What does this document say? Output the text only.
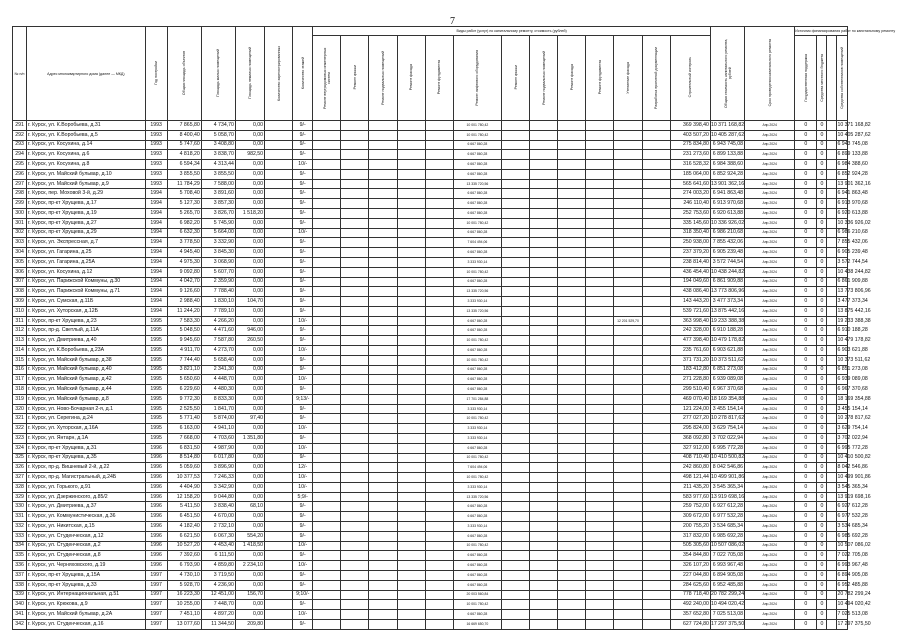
7
№ п/п	Адрес многоквартирного дома (далее — МКД)	Год постройки	Общая площадь объектов	Площадь жилых помещений	Площадь нежилых помещений	Количество зарегистрированных	Количество этажей	Виды работ (услуг) по капитальному ремонту, стоимость (рублей)													Общая стоимость капитального ремонта, рублей	Срок проведения капитального ремонта	Источник финансирования работ по капитальному ремонту		
								Ремонт внутридомовых инженерных систем	Ремонт крыши	Ремонт подвальных помещений	Ремонт фасада	Ремонт фундамента	Ремонт лифтового оборудования	Ремонт крыши	Ремонт подвальных помещений	Ремонт фасада	Ремонт фундамента	Утепление фасада	Разработка проектной документации	Строительный контроль			Государственная поддержка	Средства местного бюджета		Средства собственников помещений
291	г. Курск, ул. К.Воробьева, д.31	1993	7 865,80	4 734,70	0,00		9/-						10 001 780,42							369 398,40	10 371 168,82	Апр.2024	0	0		10 371 168,82
292	г. Курск, ул. К.Воробьева, д.5	1993	8 400,40	5 058,70	0,00		9/-						10 001 780,42							403 507,20	10 405 287,62	Апр.2024	0	0		10 405 287,62
293	г. Курск, ул. Косухина, д.14	1993	5 747,60	3 408,80	0,00		9/-						6 667 860,28							275 834,80	6 943 745,08	Апр.2024	0	0		6 943 745,08
294	г. Курск, ул. Косухина, д.6	1993	4 818,20	3 838,70	982,50		9/-						6 667 860,28							231 273,60	6 899 133,88	Апр.2024	0	0		6 899 133,88
295	г. Курск, ул. Косухина, д.8	1993	6 594,34	4 313,44	0,00		10/-						6 667 860,28							316 528,32	6 984 388,60	Апр.2024	0	0		6 984 388,60
296	г. Курск, ул. Майский бульвар, д.10	1993	3 855,50	3 855,50	0,00		9/-						6 667 860,28							185 064,00	6 852 924,28	Апр.2024	0	0		6 852 924,28
297	г. Курск, ул. Майский бульвар, д.9	1993	11 784,29	7 588,00	0,00		9/-						13 335 720,56							565 641,60	13 901 362,16	Апр.2024	0	0		13 901 362,16
298	г. Курск, пер. Моховой 3-й, д.29	1994	5 708,40	3 891,60	0,00		9/-						6 667 860,28							274 003,20	6 941 863,48	Апр.2024	0	0		6 941 863,48
299	г. Курск, пр-кт Хрущева, д.17	1994	5 127,30	3 857,30	0,00		9/-						6 667 860,28							246 110,40	6 913 970,68	Апр.2024	0	0		6 913 970,68
300	г. Курск, пр-кт Хрущева, д.19	1994	5 265,70	3 826,70	1 518,20		9/-						6 667 860,28							252 753,60	6 920 613,88	Апр.2024	0	0		6 920 613,88
301	г. Курск, пр-кт Хрущева, д.27	1994	6 982,20	5 745,90	0,00		9/-						10 001 780,42							335 145,60	10 336 926,02	Апр.2024	0	0		10 336 926,02
302	г. Курск, пр-кт Хрущева, д.29	1994	6 632,30	5 664,00	0,00		10/-						6 667 860,28							318 350,40	6 986 210,68	Апр.2024	0	0		6 986 210,68
303	г. Курск, ул. Экспрессная, д.7	1994	3 778,50	3 332,90	0,00		9/-						7 604 494,06							250 938,00	7 855 432,06	Апр.2024	0	0		7 855 432,06
304	г. Курск, ул. Гагарина, д.25	1994	4 945,40	3 845,30	0,00		9/-						6 667 860,28							237 379,20	6 905 239,48	Апр.2024	0	0		6 905 239,48
305	г. Курск, ул. Гагарина, д.25А	1994	4 975,30	3 068,90	0,00		9/-						3 333 930,14							238 814,40	3 572 744,54	Апр.2024	0	0		3 572 744,54
306	г. Курск, ул. Косухина, д.12	1994	9 092,80	5 607,70	0,00		9/-						10 001 780,42							436 454,40	10 438 244,82	Апр.2024	0	0		10 438 244,82
307	г. Курск, ул. Парижской Коммуны, д.30	1994	4 042,70	2 359,90	0,00		9/-						6 667 860,28							194 049,60	6 861 909,88	Апр.2024	0	0		6 861 909,88
308	г. Курск, ул. Парижской Коммуны, д.71	1994	9 126,60	7 788,40	0,00		9/-						13 335 720,56							438 086,40	13 773 806,96	Апр.2024	0	0		13 773 806,96
309	г. Курск, ул. Сумская, д.11Б	1994	2 988,40	1 830,10	104,70		9/-						3 333 930,14							143 443,20	3 477 373,34	Апр.2024	0	0		3 477 373,34
310	г. Курск, ул. Хуторская, д.12Б	1994	11 244,20	7 789,10	0,00		9/-						13 335 720,56							539 721,60	13 875 442,16	Апр.2024	0	0		13 875 442,16
311	г. Курск, пр-кт Хрущева, д.23	1995	7 583,30	4 266,20	0,00		10/-						6 667 860,28					12 201 529,70		363 998,40	19 233 388,38	Апр.2024	0	0		19 233 388,38
312	г. Курск, пр-д. Светлый, д.11А	1995	5 048,50	4 471,60	946,00		9/-						6 667 860,28							242 328,00	6 910 188,28	Апр.2024	0	0		6 910 188,28
313	г. Курск, ул. Дмитриева, д.40	1995	9 945,60	7 587,80	260,50		9/-						10 001 780,42							477 398,40	10 479 178,82	Апр.2024	0	0		10 479 178,82
314	г. Курск, ул. К.Воробьева, д.23А	1995	4 911,70	4 273,70	0,00		10/-						6 667 860,28							235 761,60	6 903 621,88	Апр.2024	0	0		6 903 621,88
315	г. Курск, ул. Майский бульвар, д.38	1995	7 744,40	5 658,40	0,00		9/-						10 001 780,42							371 731,20	10 373 511,62	Апр.2024	0	0		10 373 511,62
316	г. Курск, ул. Майский бульвар, д.40	1995	3 821,10	2 341,30	0,00		9/-						6 667 860,28							183 412,80	6 851 273,08	Апр.2024	0	0		6 851 273,08
317	г. Курск, ул. Майский бульвар, д.42	1995	5 650,60	4 448,70	0,00		10/-						6 667 860,28							271 228,80	6 939 089,08	Апр.2024	0	0		6 939 089,08
318	г. Курск, ул. Майский бульвар, д.44	1995	6 229,60	4 480,30	0,00		9/-						6 667 860,28							299 510,40	6 967 370,68	Апр.2024	0	0		6 967 370,68
319	г. Курск, ул. Майский бульвар, д.8	1995	9 772,30	8 833,30	0,00		9;13/-						17 701 284,88							469 070,40	18 169 354,88	Апр.2024	0	0		18 169 354,88
320	г. Курск, ул. Ново-Бочарная 2-я, д.1	1995	2 525,50	1 841,70	0,00		9/-						3 333 930,14							121 224,00	3 455 154,14	Апр.2024	0	0		3 455 154,14
321	г. Курск, ул. Серегина, д.24	1995	5 771,40	5 874,00	97,40		9/-						10 001 780,42							277 027,20	10 278 817,62	Апр.2024	0	0		10 278 817,62
322	г. Курск, ул. Хуторская, д.16А	1995	6 163,00	4 941,10	0,00		10/-						3 333 930,14							295 824,00	3 629 754,14	Апр.2024	0	0		3 629 754,14
323	г. Курск, ул. Янтарн, д.1А	1995	7 668,00	4 703,60	1 351,80		9/-						3 333 930,14							368 092,80	3 702 022,94	Апр.2024	0	0		3 702 022,94
324	г. Курск, пр-кт Хрущева, д.31	1996	6 831,50	4 987,90	0,00		10/-						6 667 860,28							327 912,00	6 995 772,28	Апр.2024	0	0		6 995 772,28
325	г. Курск, пр-кт Хрущева, д.35	1996	8 514,80	6 017,80	0,00		9/-						10 001 780,42							408 710,40	10 410 500,82	Апр.2024	0	0		10 410 500,82
326	г. Курск, пр-д. Вишневый 2-й, д.22	1996	5 059,60	3 896,90	0,00		12/-						7 604 494,06							242 860,80	8 042 546,86	Апр.2024	0	0		8 042 546,86
327	г. Курск, пр-д. Магистральный, д.24Б	1996	10 377,53	7 246,33	0,00		10/-						10 001 780,42							498 121,44	10 499 901,86	Апр.2024	0	0		10 499 901,86
328	г. Курск, ул. Горького, д.91	1996	4 404,90	3 342,90	0,00		10/-						3 333 930,14							211 435,20	3 545 365,34	Апр.2024	0	0		3 545 365,34
329	г. Курск, ул. Дзержинского, д.85/2	1996	12 158,20	9 044,80	0,00		5;9/-						13 335 720,56							583 977,60	13 919 698,16	Апр.2024	0	0		13 919 698,16
330	г. Курск, ул. Дмитриева, д.37	1996	5 411,50	3 838,40	68,10		9/-						6 667 860,28							259 752,00	6 927 612,28	Апр.2024	0	0		6 927 612,28
331	г. Курск, ул. Коммунистическая, д.36	1996	6 451,50	4 670,00	0,00		9/-						6 667 860,28							309 672,00	6 977 532,28	Апр.2024	0	0		6 977 532,28
332	г. Курск, ул. Никитская, д.15	1996	4 182,40	2 732,10	0,00		9/-						3 333 930,14							200 755,20	3 534 685,34	Апр.2024	0	0		3 534 685,34
333	г. Курск, ул. Студенческая, д.12	1996	6 621,50	6 067,30	554,20		9/-						6 667 860,28							317 832,00	6 985 692,28	Апр.2024	0	0		6 985 692,28
334	г. Курск, ул. Студенческая, д.2	1996	10 527,20	4 453,40	1 418,50		10/-						10 001 780,42							505 305,60	10 507 086,02	Апр.2024	0	0		10 507 086,02
335	г. Курск, ул. Студенческая, д.8	1996	7 392,60	6 111,50	0,00		9/-						6 667 860,28							354 844,80	7 022 705,08	Апр.2024	0	0		7 022 705,08
336	г. Курск, ул. Черняховского, д.19	1996	6 793,90	4 859,80	2 234,10		10/-						6 667 860,28							326 107,20	6 993 967,48	Апр.2024	0	0		6 993 967,48
337	г. Курск, пр-кт Хрущева, д.15А	1997	4 730,10	3 719,50	0,00		9/-						6 667 860,28							227 044,80	6 894 905,08	Апр.2024	0	0		6 894 905,08
338	г. Курск, пр-кт Хрущева, д.33	1997	5 928,70	4 236,90	0,00		9/-						6 667 860,28							284 625,60	6 952 485,88	Апр.2024	0	0		6 952 485,88
339	г. Курск, ул. Интернациональная, д.51	1997	16 223,30	12 451,00	156,70		9;10/-						20 003 560,84							778 718,40	20 782 299,24	Апр.2024	0	0		20 782 299,24
340	г. Курск, ул. Крюкова, д.9	1997	10 255,00	7 448,70	0,00		9/-						10 001 780,42							492 240,00	10 494 020,42	Апр.2024	0	0		10 494 020,42
341	г. Курск, ул. Майский бульвар, д.2А	1997	7 451,10	4 897,20	0,00		10/-						6 667 860,28							357 652,80	7 025 513,08	Апр.2024	0	0		7 025 513,08
342	г. Курск, ул. Студенческая, д.16	1997	13 077,60	11 344,50	209,80		9/-						16 669 650,70							627 724,80	17 297 375,50	Апр.2024	0	0		17 297 375,50
